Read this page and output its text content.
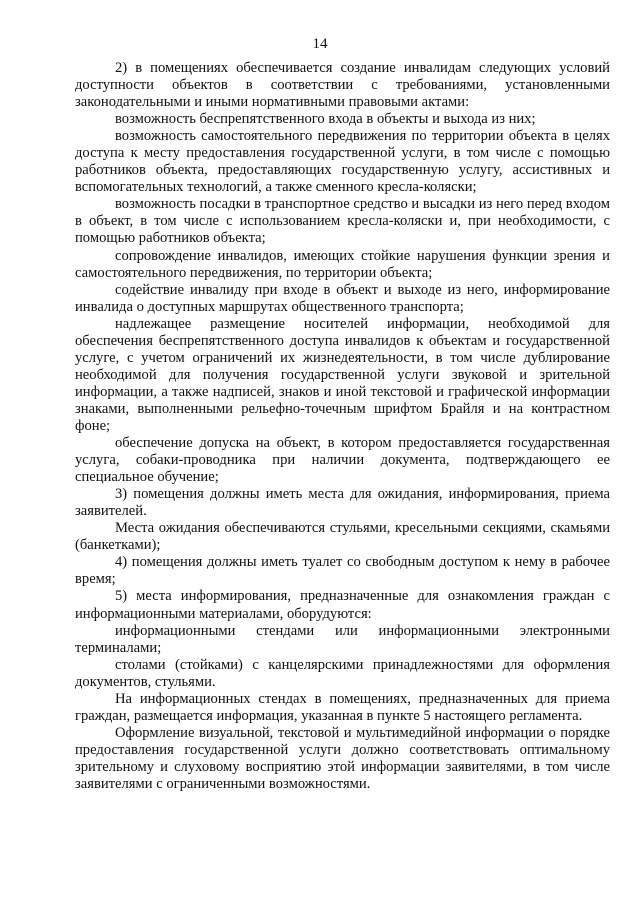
14

2) в помещениях обеспечивается создание инвалидам следующих условий доступности объектов в соответствии с требованиями, установленными законодательными и иными нормативными правовыми актами:

возможность беспрепятственного входа в объекты и выхода из них;

возможность самостоятельного передвижения по территории объекта в целях доступа к месту предоставления государственной услуги, в том числе с помощью работников объекта, предоставляющих государственную услугу, ассистивных и вспомогательных технологий, а также сменного кресла-коляски;

возможность посадки в транспортное средство и высадки из него перед входом в объект, в том числе с использованием кресла-коляски и, при необходимости, с помощью работников объекта;

сопровождение инвалидов, имеющих стойкие нарушения функции зрения и самостоятельного передвижения, по территории объекта;

содействие инвалиду при входе в объект и выходе из него, информирование инвалида о доступных маршрутах общественного транспорта;

надлежащее размещение носителей информации, необходимой для обеспечения беспрепятственного доступа инвалидов к объектам и государственной услуге, с учетом ограничений их жизнедеятельности, в том числе дублирование необходимой для получения государственной услуги звуковой и зрительной информации, а также надписей, знаков и иной текстовой и графической информации знаками, выполненными рельефно-точечным шрифтом Брайля и на контрастном фоне;

обеспечение допуска на объект, в котором предоставляется государственная услуга, собаки-проводника при наличии документа, подтверждающего ее специальное обучение;

3) помещения должны иметь места для ожидания, информирования, приема заявителей.

Места ожидания обеспечиваются стульями, кресельными секциями, скамьями (банкетками);

4) помещения должны иметь туалет со свободным доступом к нему в рабочее время;

5) места информирования, предназначенные для ознакомления граждан с информационными материалами, оборудуются:

информационными стендами или информационными электронными терминалами;

столами (стойками) с канцелярскими принадлежностями для оформления документов, стульями.

На информационных стендах в помещениях, предназначенных для приема граждан, размещается информация, указанная в пункте 5 настоящего регламента.

Оформление визуальной, текстовой и мультимедийной информации о порядке предоставления государственной услуги должно соответствовать оптимальному зрительному и слуховому восприятию этой информации заявителями, в том числе заявителями с ограниченными возможностями.
